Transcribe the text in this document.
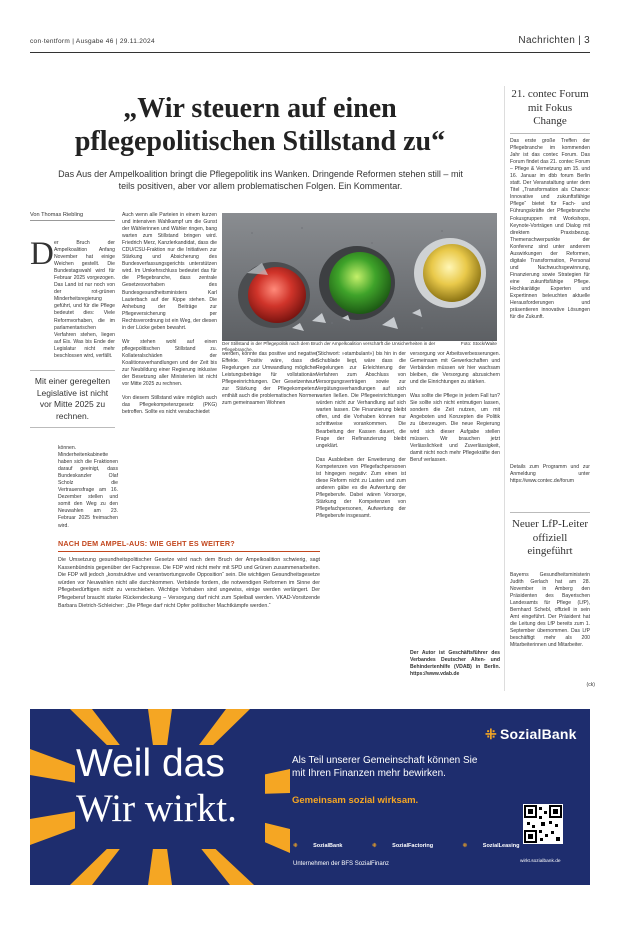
con·tentform | Ausgabe 46 | 29.11.2024	Nachrichten | 3
„Wir steuern auf einen pflegepolitischen Stillstand zu“

Das Aus der Ampelkoalition bringt die Pflegepolitik ins Wanken. Dringende Reformen stehen still – mit teils positiven, aber vor allem problematischen Folgen. Ein Kommentar.

Von Thomas Riebling
D er Bruch der Ampelkoalition Anfang November hat einige Weichen gestellt. Die Bundestagswahl wird für Februar 2025 vorgezogen. Das Land ist nur noch von der rot-grünen Minderheitsregierung geführt, und für die Pflege bedeutet dies: Viele Reformvorhaben, die im parlamentarischen Verfahren stehen, liegen auf Eis. Was bis Ende der Legislatur nicht mehr beschlossen wird, verfällt.
Mit einer geregelten Legislative ist nicht vor Mitte 2025 zu rechnen.
können. Minderheitenkabinette haben sich die Fraktionen darauf geeinigt, dass Bundeskanzler Olaf Scholz die Vertrauensfrage am 16. Dezember stellen und somit den Weg zu den Neuwahlen am 23. Februar 2025 freimachen wird.
Auch wenn alle Parteien in einem kurzen und intensiven Wahlkampf um die Gunst der Wählerinnen und Wähler ringen, bang warten zum Stillstand bringen wird. Friedrich Merz, Kanzlerkandidat, dass die CDU/CSU-Fraktion nur die Initiativen zur Stärkung und Absicherung des Bundesverfassungsgerichts unterstützen wird. Im Umkehrschluss bedeutet das für die Pflegebranche, dass zentrale Gesetzesvorhaben des Bundesgesundheitsministers Karl Lauterbach auf der Kippe stehen. Die Anhebung der Beiträge zur Pflegeversicherung per Rechtsverordnung ist ein Weg, der diesen in der Lücke geben bewahrt.

Wir stehen wohl auf einen pflegepolitischen Stillstand zu. Kollateralschäden der Koalitionsverhandlungen und der Zeit bis zur Neubildung einer Regierung inklusive der Besetzung aller Ministerien ist nicht vor Mitte 2025 zu rechnen.

Von diesem Stillstand wäre möglich auch das Pflegekompetenzgesetz (PKG) betroffen. Sollte es nicht verabschiedet
Foto: Stock/Waite
Der Stillstand in der Pflegepolitik nach dem Bruch der Ampelkoalition verschärft die Unsicherheiten in der Pflegebranche.
werden, könnte das positive und negative Effekte. Positiv wäre, dass die Regelungen zur Umwandlung möglicher Leistungsbeträge für vollstationäre Pflegeeinrichtungen. Der Gesetzentwurf zur Stärkung der Pflegekompetenz enthält auch die problematischen Normen zum gemeinsamen Wohnen
(Stichwort: »stambulant«) bis hin in der Schublade liegt, wäre dass die Regelungen zur Erleichterung der Verfahren zum Abschluss von Versorgungsverträgen sowie zur Vergütungsverhandlungen auf sich warten ließen. Die Pflegeeinrichtungen würden nicht zur Verhandlung auf sich warten lassen. Die Finanzierung bleibt offen, und die Vorhaben können nur schrittweise vorankommen. Die Bearbeitung der Kassen dauert, die Frage der Refinanzierung bleibt ungeklärt.

Das Ausbleiben der Erweiterung der Kompetenzen von Pflegefachpersonen ist hingegen negativ: Zum einen ist diese Reform nicht zu Lasten und zum anderen gäbe es die Aufwertung der Pflegeberufe. Dabei wären Vorsorge, Stärkung der Kompetenzen von Pflegefachpersonen, Aufwertung der Pflegeberufe insgesamt.
versorgung vor Arbeitsverbesserungen. Gemeinsam mit Gewerkschaften und Verbänden müssen wir hier wachsam bleiben, die Versorgung abzusichern und die Einrichtungen zu stärken.

Was sollte die Pflege in jedem Fall tun? Sie sollte sich nicht entmutigen lassen, sondern die Zeit nutzen, um mit Angeboten und Konzepten die Politik zu überzeugen. Die neue Regierung wird sich dieser Aufgabe stellen müssen. Wir brauchen jetzt Verlässlichkeit und Zuverlässigkeit, damit nicht noch mehr Pflegekräfte den Beruf verlassen.
Der Autor ist Geschäftsführer des Verbandes Deutscher Alten- und Behindertenhilfe (VDAB) in Berlin. https://www.vdab.de
NACH DEM AMPEL-AUS: WIE GEHT ES WEITER?
Die Umsetzung gesundheitspolitischer Gesetze wird nach dem Bruch der Ampelkoalition schwierig, sagt Kassenbündnis gegenüber der Fachpresse. Die FDP wird nicht mehr mit SPD und Grünen zusammenarbeiten. Die FDP will jedoch „konstruktive und verantwortungsvolle Opposition“ sein. Die wichtigen Gesundheitsgesetze würden vor Neuwahlen nicht alle durchkommen. Verbände fordern, die notwendigen Reformen im Sinne der Pflegebedürftigen nicht zu verschieben. Wichtige Vorhaben sind ungewiss, einige werden verlängert. Der Pflegeberuf braucht starke Rückendeckung – Versorgung darf nicht zum Spielball werden. VKAD-Vorsitzende Barbara Dietrich-Schleicher: „Die Pflege darf nicht Opfer politischer Machtkämpfe werden.“
21. contec Forum mit Fokus Change
Das erste große Treffen der Pflegebranche im kommenden Jahr ist das contec Forum. Das Forum findet das 21. contec Forum – Pflege & Vernetzung am 15. und 16. Januar im dbb forum Berlin statt. Der Veranstaltung unter dem Titel „Transformation als Chance: Innovative und zukunftsfähige Pflege“ bietet für Fach- und Führungskräfte der Pflegebranche Fokusgruppen mit Workshops, Keynote-Vorträgen und Dialog mit direktem Praxisbezug. Themenschwerpunkte der Konferenz sind unter anderem Auswirkungen der Reformen, digitale Transformation, Personal und Nachwuchsgewinnung, Finanzierung sowie Strategien für eine zukunftsfähige Pflege. Hochkarätige Experten und Expertinnen beleuchten aktuelle Herausforderungen und präsentieren innovative Lösungen für die Zukunft.
Details zum Programm und zur Anmeldung unter https://www.contec.de/forum
Neuer LfP-Leiter offiziell eingeführt
Bayerns Gesundheitsministerin Judith Gerlach hat am 28. November in Amberg den Präsidenten des Bayerischen Landesamts für Pflege (LfP), Bernhard Schebl, offiziell in sein Amt eingeführt. Der Präsident hat die Leitung des LfP bereits zum 1. September übernommen. Das LfP beschäftigt mehr als 200 Mitarbeiterinnen und Mitarbeiter.
(ck)
⁜ SozialBank
Weil das
Wir wirkt.
Als Teil unserer Gemeinschaft können Sie mit Ihren Finanzen mehr bewirken.
Gemeinsam sozial wirksam.
⁜	SozialBank	⁜	SozialFactoring	⁜	SozialLeasing
Unternehmen der BFS SozialFinanz	wirkt.sozialbank.de
